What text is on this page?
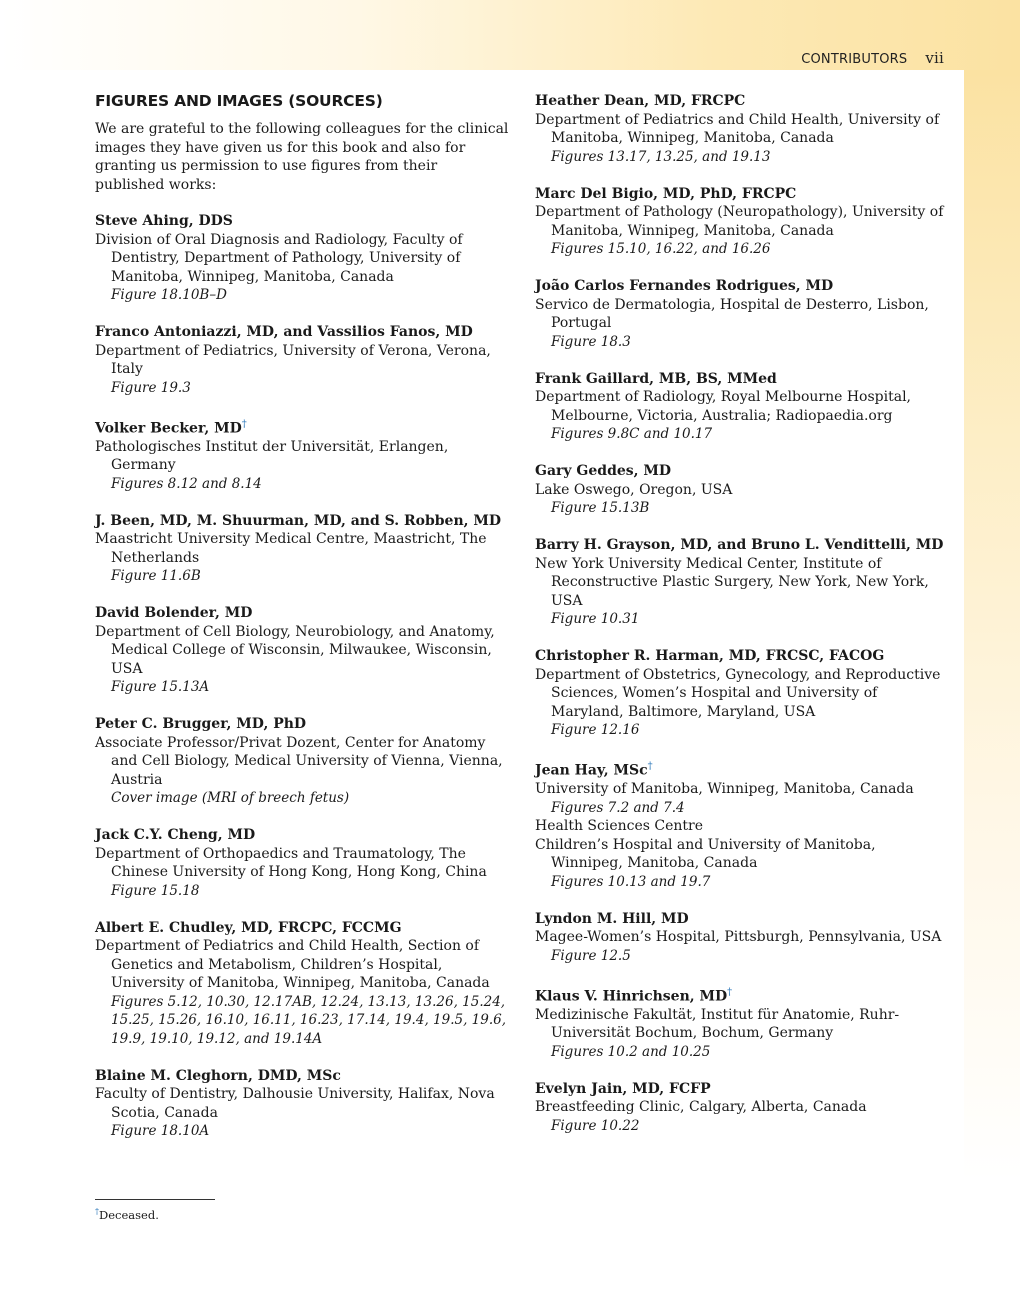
CONTRIBUTORS vii
FIGURES AND IMAGES (SOURCES)
We are grateful to the following colleagues for the clinical images they have given us for this book and also for granting us permission to use figures from their published works:
Steve Ahing, DDS
Division of Oral Diagnosis and Radiology, Faculty of Dentistry, Department of Pathology, University of Manitoba, Winnipeg, Manitoba, Canada
Figure 18.10B–D
Franco Antoniazzi, MD, and Vassilios Fanos, MD
Department of Pediatrics, University of Verona, Verona, Italy
Figure 19.3
Volker Becker, MD†
Pathologisches Institut der Universität, Erlangen, Germany
Figures 8.12 and 8.14
J. Been, MD, M. Shuurman, MD, and S. Robben, MD
Maastricht University Medical Centre, Maastricht, The Netherlands
Figure 11.6B
David Bolender, MD
Department of Cell Biology, Neurobiology, and Anatomy, Medical College of Wisconsin, Milwaukee, Wisconsin, USA
Figure 15.13A
Peter C. Brugger, MD, PhD
Associate Professor/Privat Dozent, Center for Anatomy and Cell Biology, Medical University of Vienna, Vienna, Austria
Cover image (MRI of breech fetus)
Jack C.Y. Cheng, MD
Department of Orthopaedics and Traumatology, The Chinese University of Hong Kong, Hong Kong, China
Figure 15.18
Albert E. Chudley, MD, FRCPC, FCCMG
Department of Pediatrics and Child Health, Section of Genetics and Metabolism, Children’s Hospital, University of Manitoba, Winnipeg, Manitoba, Canada
Figures 5.12, 10.30, 12.17AB, 12.24, 13.13, 13.26, 15.24, 15.25, 15.26, 16.10, 16.11, 16.23, 17.14, 19.4, 19.5, 19.6, 19.9, 19.10, 19.12, and 19.14A
Blaine M. Cleghorn, DMD, MSc
Faculty of Dentistry, Dalhousie University, Halifax, Nova Scotia, Canada
Figure 18.10A
Heather Dean, MD, FRCPC
Department of Pediatrics and Child Health, University of Manitoba, Winnipeg, Manitoba, Canada
Figures 13.17, 13.25, and 19.13
Marc Del Bigio, MD, PhD, FRCPC
Department of Pathology (Neuropathology), University of Manitoba, Winnipeg, Manitoba, Canada
Figures 15.10, 16.22, and 16.26
João Carlos Fernandes Rodrigues, MD
Servico de Dermatologia, Hospital de Desterro, Lisbon, Portugal
Figure 18.3
Frank Gaillard, MB, BS, MMed
Department of Radiology, Royal Melbourne Hospital, Melbourne, Victoria, Australia; Radiopaedia.org
Figures 9.8C and 10.17
Gary Geddes, MD
Lake Oswego, Oregon, USA
Figure 15.13B
Barry H. Grayson, MD, and Bruno L. Vendittelli, MD
New York University Medical Center, Institute of Reconstructive Plastic Surgery, New York, New York, USA
Figure 10.31
Christopher R. Harman, MD, FRCSC, FACOG
Department of Obstetrics, Gynecology, and Reproductive Sciences, Women’s Hospital and University of Maryland, Baltimore, Maryland, USA
Figure 12.16
Jean Hay, MSc†
University of Manitoba, Winnipeg, Manitoba, Canada
Figures 7.2 and 7.4
Health Sciences Centre
Children’s Hospital and University of Manitoba, Winnipeg, Manitoba, Canada
Figures 10.13 and 19.7
Lyndon M. Hill, MD
Magee-Women’s Hospital, Pittsburgh, Pennsylvania, USA
Figure 12.5
Klaus V. Hinrichsen, MD†
Medizinische Fakultät, Institut für Anatomie, Ruhr-Universität Bochum, Bochum, Germany
Figures 10.2 and 10.25
Evelyn Jain, MD, FCFP
Breastfeeding Clinic, Calgary, Alberta, Canada
Figure 10.22
†Deceased.
